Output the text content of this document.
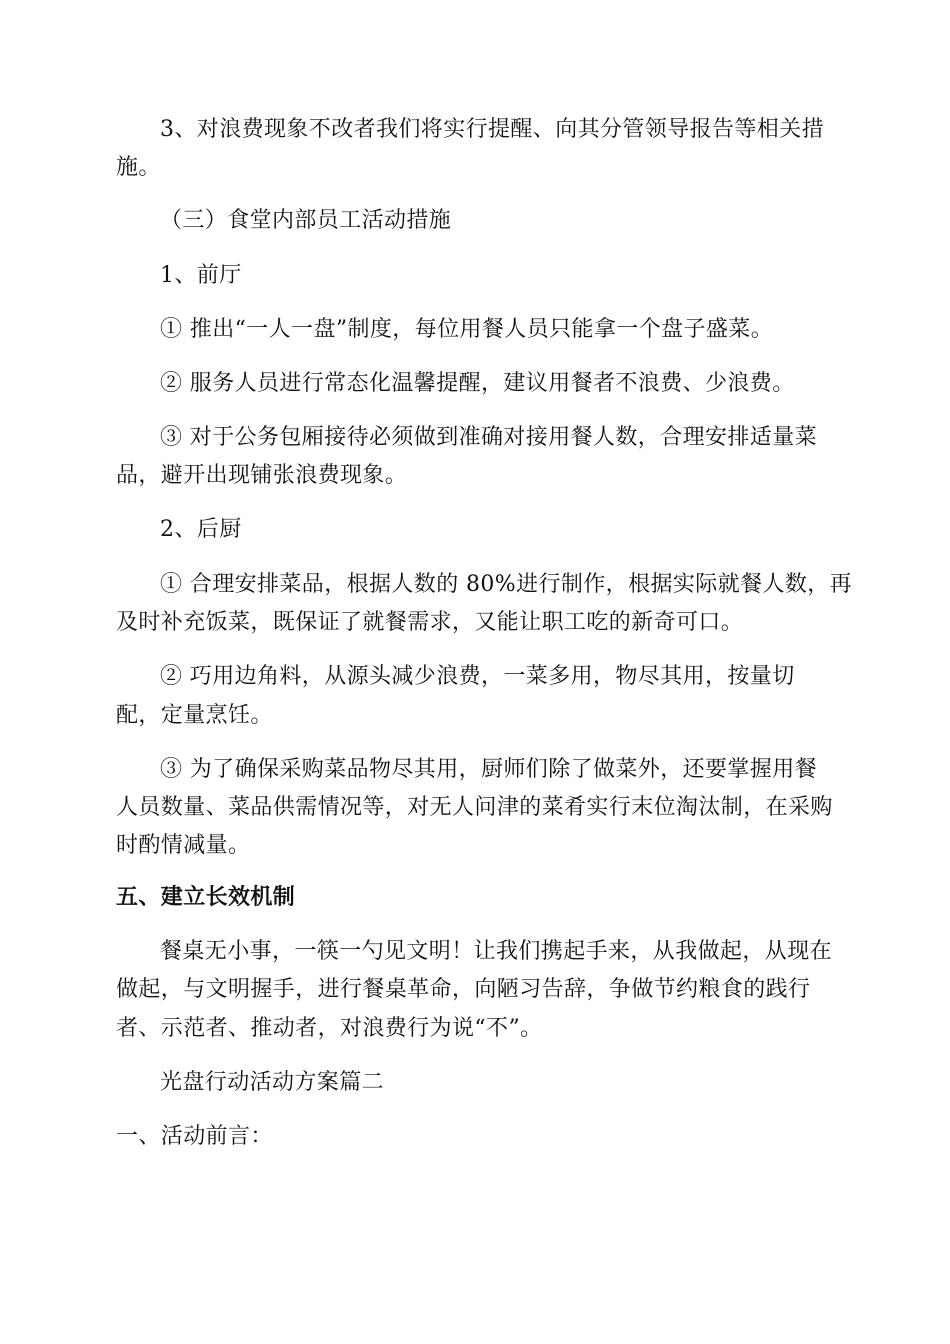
3、对浪费现象不改者我们将实行提醒、向其分管领导报告等相关措
施。
（三）食堂内部员工活动措施
1、前厅
① 推出“一人一盘”制度，每位用餐人员只能拿一个盘子盛菜。
② 服务人员进行常态化温馨提醒，建议用餐者不浪费、少浪费。
③ 对于公务包厢接待必须做到准确对接用餐人数，合理安排适量菜
品，避开出现铺张浪费现象。
2、后厨
① 合理安排菜品，根据人数的 80%进行制作，根据实际就餐人数，再
及时补充饭菜，既保证了就餐需求，又能让职工吃的新奇可口。
② 巧用边角料，从源头减少浪费，一菜多用，物尽其用，按量切
配，定量烹饪。
③ 为了确保采购菜品物尽其用，厨师们除了做菜外，还要掌握用餐
人员数量、菜品供需情况等，对无人问津的菜肴实行末位淘汰制，在采购
时酌情减量。
五、建立长效机制
餐桌无小事，一筷一勺见文明！让我们携起手来，从我做起，从现在
做起，与文明握手，进行餐桌革命，向陋习告辞，争做节约粮食的践行
者、示范者、推动者，对浪费行为说“不”。
光盘行动活动方案篇二
一、活动前言：
